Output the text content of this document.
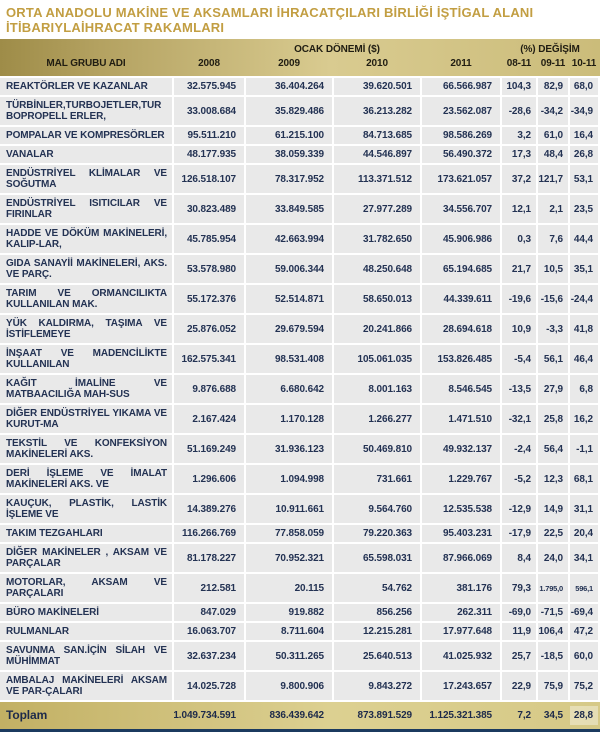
ORTA ANADOLU MAKİNE VE AKSAMLARI İHRACATÇILARI BİRLİĞİ İŞTİGAL ALANI
İTİBARIYLAİHRACAT RAKAMLARI
OCAK DÖNEMİ ($)	(%) DEĞİŞİM
MAL GRUBU ADI	2008	2009	2010	2011	08-11 09-11 10-11
REAKTÖRLER VE KAZANLAR	32.575.945	36.404.264	39.620.501	66.566.987	104,3	82,9	68,0
TÜRBİNLER,TURBOJETLER,TURBOPROPELL ERLER,	33.008.684	35.829.486	36.213.282	23.562.087	-28,6 -34,2 -34,9
POMPALAR VE KOMPRESÖRLER	95.511.210	61.215.100	84.713.685	98.586.269	3,2	61,0	16,4
VANALAR	48.177.935	38.059.339	44.546.897	56.490.372	17,3	48,4	26,8
ENDÜSTRİYEL KLİMALAR VE SOĞUTMA	126.518.107	78.317.952	113.371.512	173.621.057	37,2 121,7	53,1
ENDÜSTRİYEL ISITICILAR VE FIRINLAR	30.823.489	33.849.585	27.977.289	34.556.707	12,1	2,1	23,5
HADDE VE DÖKÜM MAKİNELERİ, KALIP-LAR,	45.785.954	42.663.994	31.782.650	45.906.986	0,3	7,6	44,4
GIDA SANAYİİ MAKİNELERİ, AKS. VE PARÇ.	53.578.980	59.006.344	48.250.648	65.194.685	21,7	10,5	35,1
TARIM VE ORMANCILIKTA KULLANILAN MAK.	55.172.376	52.514.871	58.650.013	44.339.611	-19,6 -15,6 -24,4
YÜK KALDIRMA, TAŞIMA VE İSTİFLEMEYE	25.876.052	29.679.594	20.241.866	28.694.618	10,9	-3,3	41,8
İNŞAAT VE MADENCİLİKTE KULLANILAN	162.575.341	98.531.408	105.061.035	153.826.485	-5,4	56,1	46,4
KAĞIT İMALİNE VE MATBAACILIĞA MAH-SUS	9.876.688	6.680.642	8.001.163	8.546.545	-13,5	27,9	6,8
DİĞER ENDÜSTRİYEL YIKAMA VE KURUT-MA	2.167.424	1.170.128	1.266.277	1.471.510	-32,1	25,8	16,2
TEKSTİL VE KONFEKSİYON MAKİNELERİ AKS.	51.169.249	31.936.123	50.469.810	49.932.137	-2,4	56,4	-1,1
DERİ İŞLEME VE İMALAT MAKİNELERİ AKS. VE	1.296.606	1.094.998	731.661	1.229.767	-5,2	12,3	68,1
KAUÇUK, PLASTİK, LASTİK İŞLEME VE	14.389.276	10.911.661	9.564.760	12.535.538	-12,9	14,9	31,1
TAKIM TEZGAHLARI	116.266.769	77.858.059	79.220.363	95.403.231	-17,9	22,5	20,4
DİĞER MAKİNELER , AKSAM VE PARÇALAR	81.178.227	70.952.321	65.598.031	87.966.069	8,4	24,0	34,1
MOTORLAR, AKSAM VE PARÇALARI	212.581	20.115	54.762	381.176	79,3	1.795,0	596,1
BÜRO MAKİNELERİ	847.029	919.882	856.256	262.311	-69,0 -71,5 -69,4
RULMANLAR	16.063.707	8.711.604	12.215.281	17.977.648	11,9 106,4	47,2
SAVUNMA SAN.İÇİN SİLAH VE MÜHİMMAT	32.637.234	50.311.265	25.640.513	41.025.932	25,7 -18,5	60,0
AMBALAJ MAKİNELERİ AKSAM VE PAR-ÇALARI	14.025.728	9.800.906	9.843.272	17.243.657	22,9	75,9	75,2
Toplam	1.049.734.591	836.439.642	873.891.529	1.125.321.385	7,2	34,5	28,8
